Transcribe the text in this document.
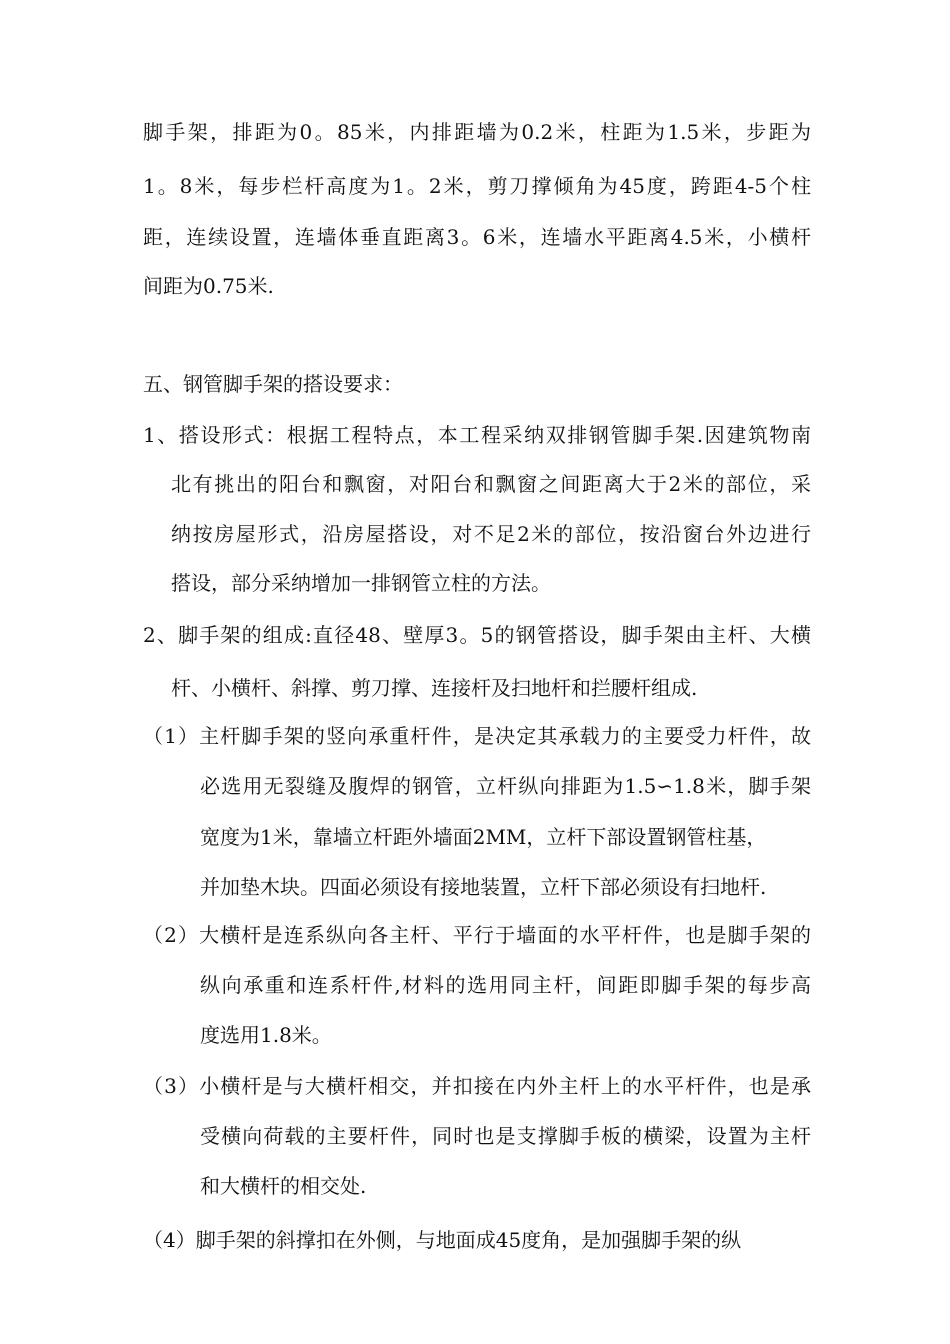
脚手架，排距为0。85米，内排距墙为0.2米，柱距为1.5米，步距为
1。8米，每步栏杆高度为1。2米，剪刀撑倾角为45度，跨距4-5个柱
距，连续设置，连墙体垂直距离3。6米，连墙水平距离4.5米，小横杆
间距为0.75米.
五、钢管脚手架的搭设要求：
1、搭设形式：根据工程特点，本工程采纳双排钢管脚手架.因建筑物南
北有挑出的阳台和飘窗，对阳台和飘窗之间距离大于2米的部位，采
纳按房屋形式，沿房屋搭设，对不足2米的部位，按沿窗台外边进行
搭设，部分采纳增加一排钢管立柱的方法。
2、脚手架的组成:直径48、壁厚3。5的钢管搭设，脚手架由主杆、大横
杆、小横杆、斜撑、剪刀撑、连接杆及扫地杆和拦腰杆组成.
（1）主杆脚手架的竖向承重杆件，是决定其承载力的主要受力杆件，故
必选用无裂缝及腹焊的钢管，立杆纵向排距为1.5∽1.8米，脚手架
宽度为1米，靠墙立杆距外墙面2MM，立杆下部设置钢管柱基，
并加垫木块。四面必须设有接地装置，立杆下部必须设有扫地杆.
（2）大横杆是连系纵向各主杆、平行于墙面的水平杆件，也是脚手架的
纵向承重和连系杆件,材料的选用同主杆，间距即脚手架的每步高
度选用1.8米。
（3）小横杆是与大横杆相交，并扣接在内外主杆上的水平杆件，也是承
受横向荷载的主要杆件，同时也是支撑脚手板的横梁，设置为主杆
和大横杆的相交处.
（4）脚手架的斜撑扣在外侧，与地面成45度角，是加强脚手架的纵
